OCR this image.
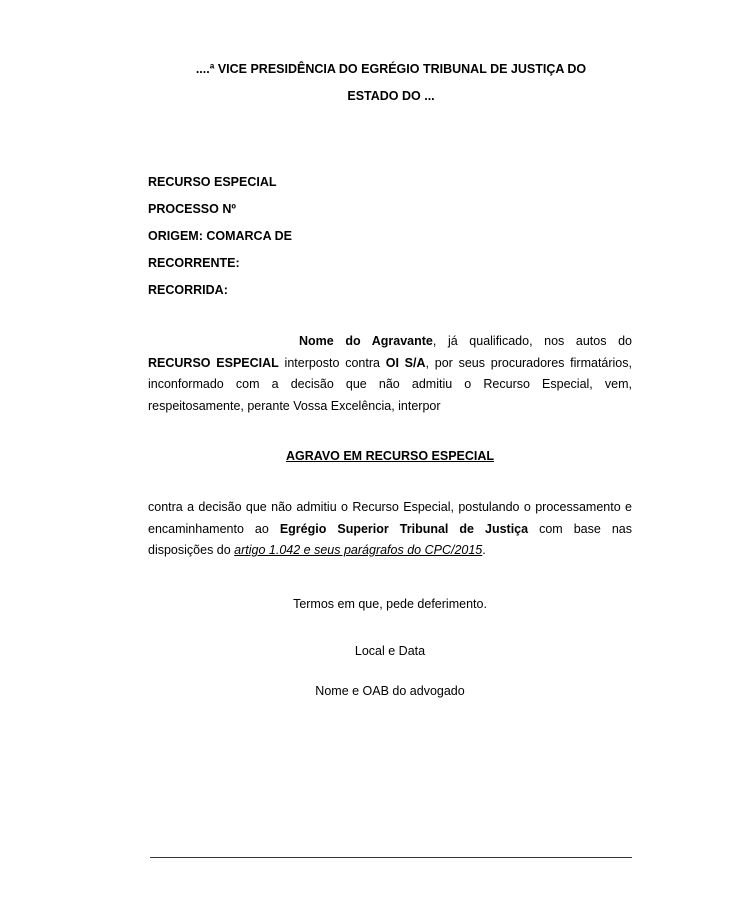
....ª VICE PRESIDÊNCIA DO EGRÉGIO TRIBUNAL DE JUSTIÇA DO
ESTADO DO ...
RECURSO ESPECIAL
PROCESSO Nº
ORIGEM: COMARCA DE
RECORRENTE:
RECORRIDA:
Nome do Agravante, já qualificado, nos autos do RECURSO ESPECIAL interposto contra OI S/A, por seus procuradores firmatários, inconformado com a decisão que não admitiu o Recurso Especial, vem, respeitosamente, perante Vossa Excelência, interpor
AGRAVO EM RECURSO ESPECIAL
contra a decisão que não admitiu o Recurso Especial, postulando o processamento e encaminhamento ao Egrégio Superior Tribunal de Justiça com base nas disposições do artigo 1.042 e seus parágrafos do CPC/2015.
Termos em que, pede deferimento.
Local e Data
Nome e OAB do advogado
